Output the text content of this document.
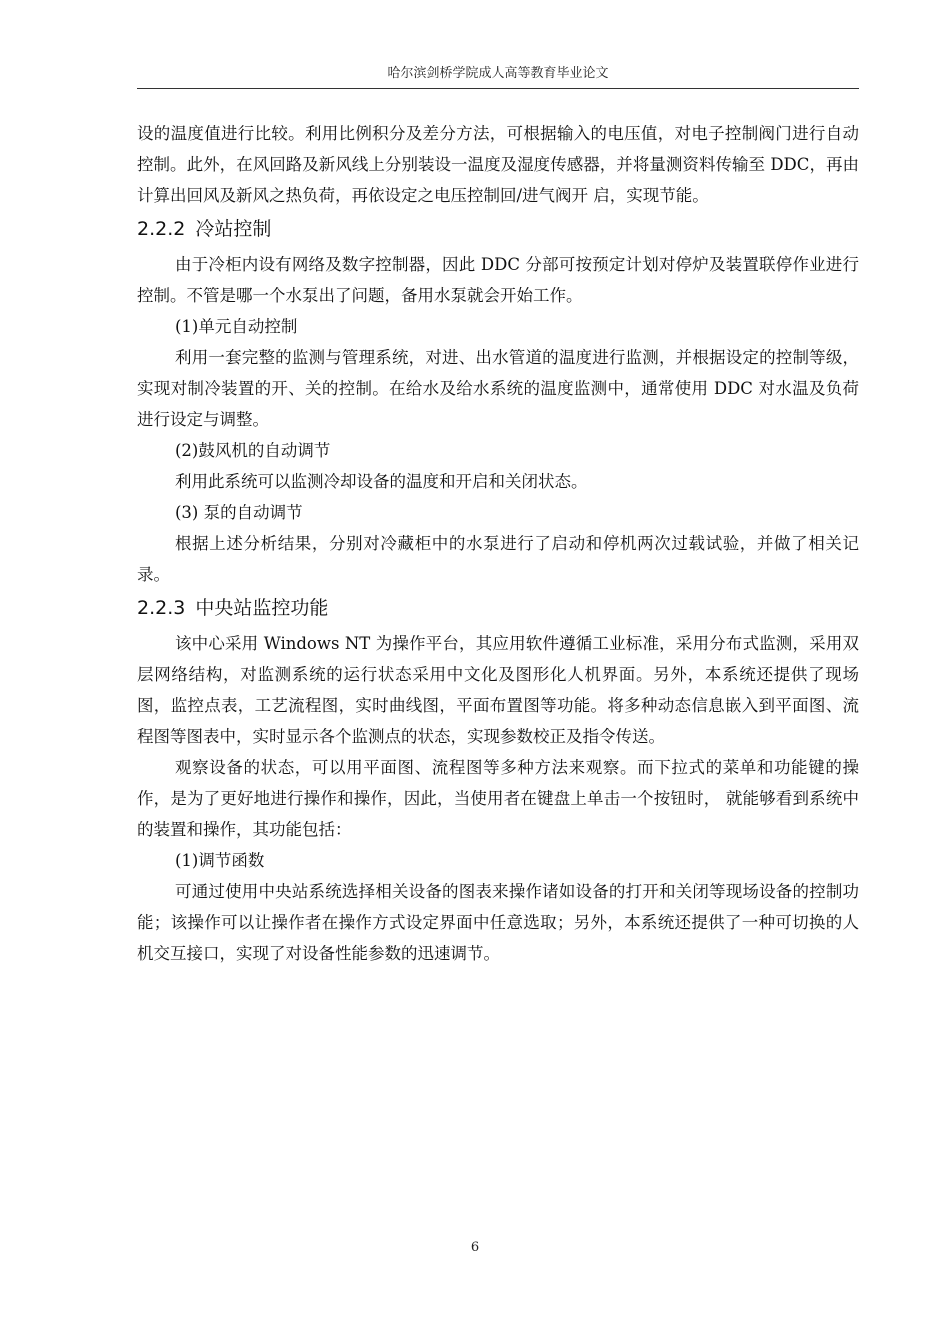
哈尔滨剑桥学院成人高等教育毕业论文

设的温度值进行比较。利用比例积分及差分方法，可根据输入的电压值，对电子控制阀门进行自动控制。此外，在风回路及新风线上分别装设一温度及湿度传感器，并将量测资料传输至 DDC，再由计算出回风及新风之热负荷，再依设定之电压控制回/进气阀开 启，实现节能。

2.2.2 冷站控制

由于冷柜内设有网络及数字控制器，因此 DDC 分部可按预定计划对停炉及装置联停作业进行控制。不管是哪一个水泵出了问题，备用水泵就会开始工作。

(1)单元自动控制

利用一套完整的监测与管理系统，对进、出水管道的温度进行监测，并根据设定的控制等级，实现对制冷装置的开、关的控制。在给水及给水系统的温度监测中，通常使用 DDC 对水温及负荷进行设定与调整。

(2)鼓风机的自动调节

利用此系统可以监测冷却设备的温度和开启和关闭状态。

(3) 泵的自动调节

根据上述分析结果，分别对冷藏柜中的水泵进行了启动和停机两次过载试验，并做了相关记录。

2.2.3 中央站监控功能

该中心采用 Windows NT 为操作平台，其应用软件遵循工业标准，采用分布式监测，采用双层网络结构，对监测系统的运行状态采用中文化及图形化人机界面。另外，本系统还提供了现场图，监控点表，工艺流程图，实时曲线图，平面布置图等功能。将多种动态信息嵌入到平面图、流程图等图表中，实时显示各个监测点的状态，实现参数校正及指令传送。

观察设备的状态，可以用平面图、流程图等多种方法来观察。而下拉式的菜单和功能键的操作，是为了更好地进行操作和操作，因此，当使用者在键盘上单击一个按钮时， 就能够看到系统中的装置和操作，其功能包括：

(1)调节函数

可通过使用中央站系统选择相关设备的图表来操作诸如设备的打开和关闭等现场设备的控制功能；该操作可以让操作者在操作方式设定界面中任意选取；另外，本系统还提供了一种可切换的人机交互接口，实现了对设备性能参数的迅速调节。

6
